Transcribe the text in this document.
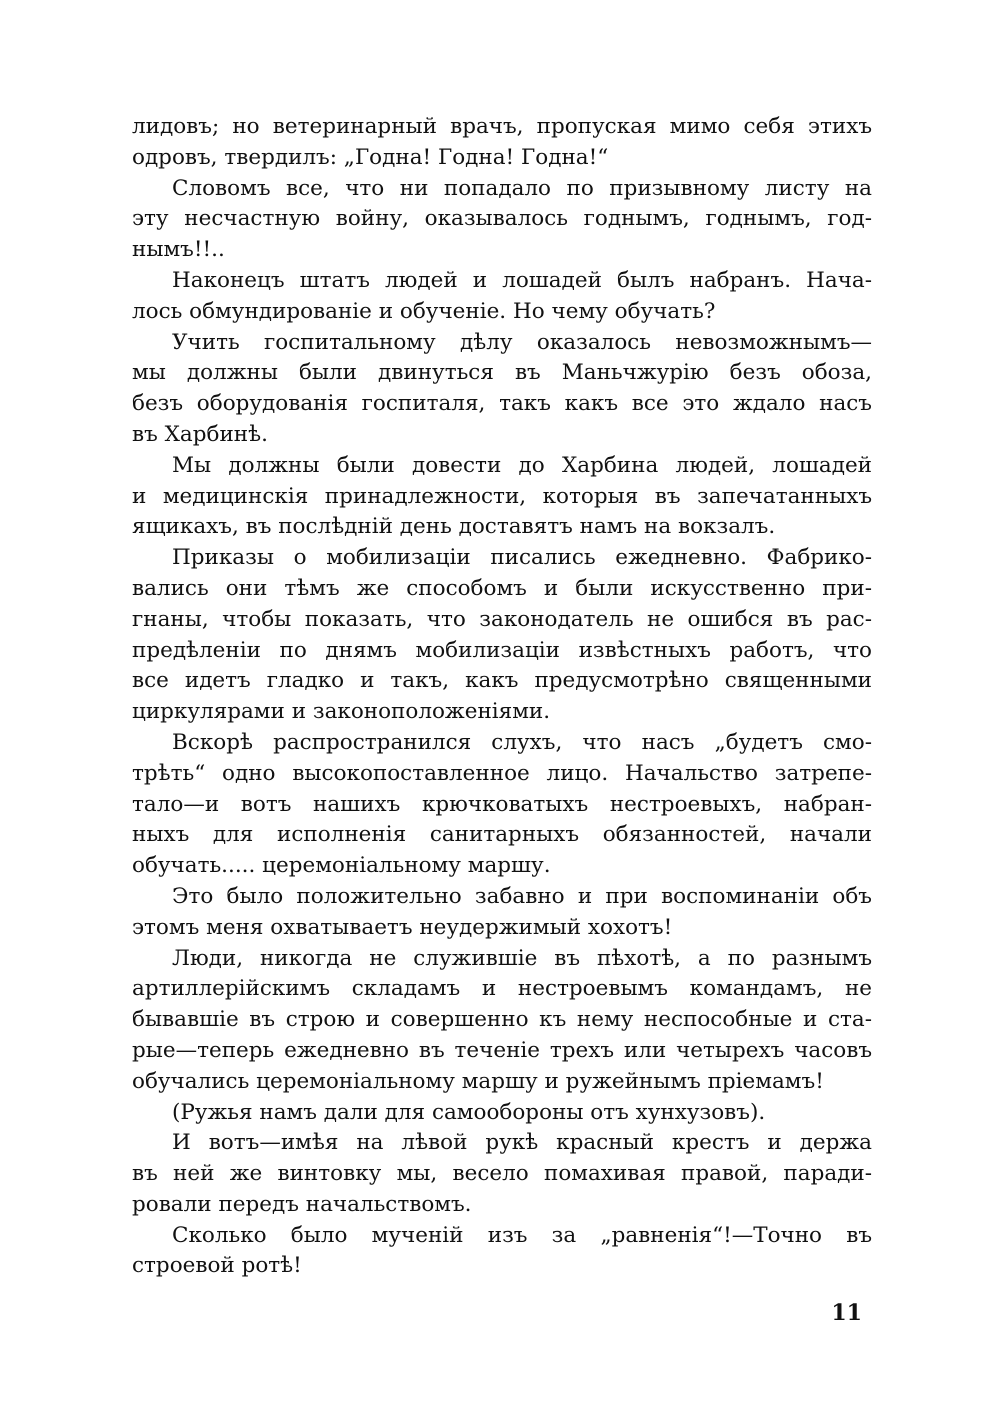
лидовъ; но ветеринарный врачъ, пропуская мимо себя этихъ
одровъ, твердилъ: „Годна! Годна! Годна!“
Словомъ все, что ни попадало по призывному листу на
эту несчастную войну, оказывалось годнымъ, годнымъ, год-
нымъ!!..
Наконецъ штатъ людей и лошадей былъ набранъ. Нача-
лось обмундированіе и обученіе. Но чему обучать?
Учить госпитальному дѣлу оказалось невозможнымъ—
мы должны были двинуться въ Маньчжурію безъ обоза,
безъ оборудованія госпиталя, такъ какъ все это ждало насъ
въ Харбинѣ.
Мы должны были довести до Харбина людей, лошадей
и медицинскія принадлежности, которыя въ запечатанныхъ
ящикахъ, въ послѣдній день доставятъ намъ на вокзалъ.
Приказы о мобилизаціи писались ежедневно. Фабрико-
вались они тѣмъ же способомъ и были искусственно при-
гнаны, чтобы показать, что законодатель не ошибся въ рас-
предѣленіи по днямъ мобилизаціи извѣстныхъ работъ, что
все идетъ гладко и такъ, какъ предусмотрѣно священными
циркулярами и законоположеніями.
Вскорѣ распространился слухъ, что насъ „будетъ смо-
трѣть“ одно высокопоставленное лицо. Начальство затрепе-
тало—и вотъ нашихъ крючковатыхъ нестроевыхъ, набран-
ныхъ для исполненія санитарныхъ обязанностей, начали
обучать..... церемоніальному маршу.
Это было положительно забавно и при воспоминаніи объ
этомъ меня охватываетъ неудержимый хохотъ!
Люди, никогда не служившіе въ пѣхотѣ, а по разнымъ
артиллерійскимъ складамъ и нестроевымъ командамъ, не
бывавшіе въ строю и совершенно къ нему неспособные и ста-
рые—теперь ежедневно въ теченіе трехъ или четырехъ часовъ
обучались церемоніальному маршу и ружейнымъ пріемамъ!
(Ружья намъ дали для самообороны отъ хунхузовъ).
И вотъ—имѣя на лѣвой рукѣ красный крестъ и держа
въ ней же винтовку мы, весело помахивая правой, паради-
ровали передъ начальствомъ.
Сколько было мученій изъ за „равненія“!—Точно въ
строевой ротѣ!
11
